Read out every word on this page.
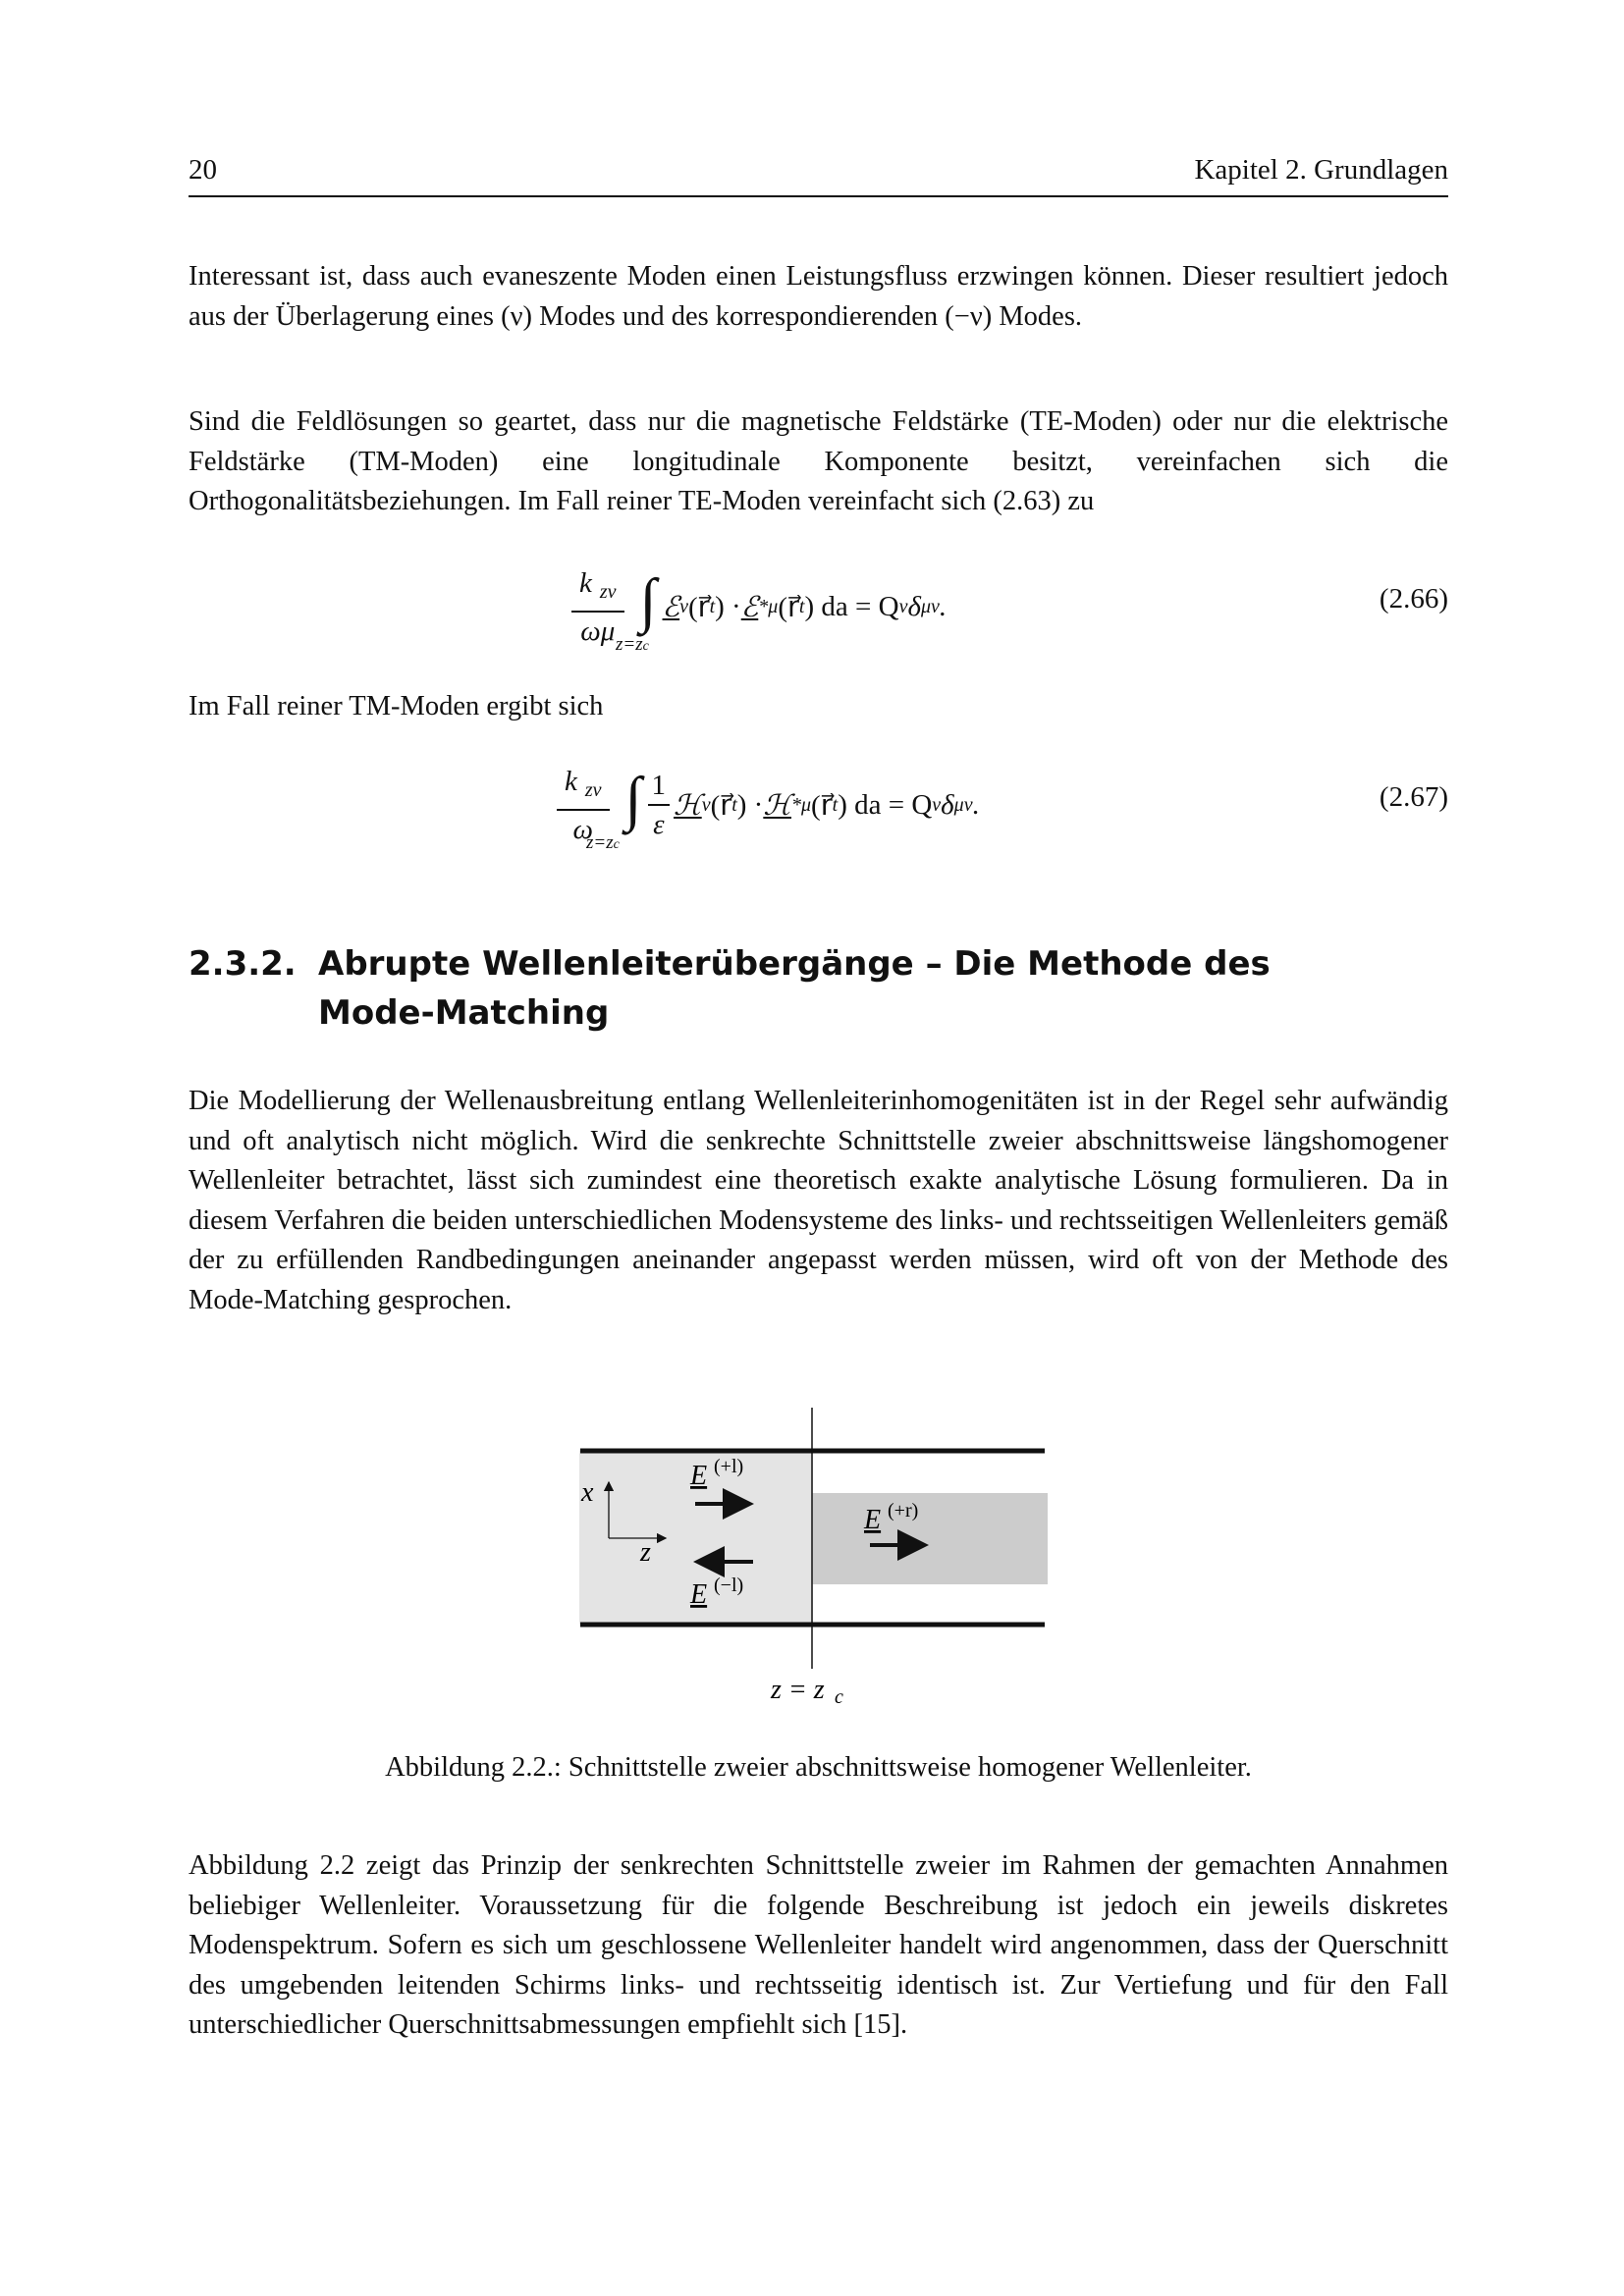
20	Kapitel 2. Grundlagen
Interessant ist, dass auch evaneszente Moden einen Leistungsfluss erzwingen können. Dieser resultiert jedoch aus der Überlagerung eines (ν) Modes und des korrespondierenden (−ν) Modes.
Sind die Feldlösungen so geartet, dass nur die magnetische Feldstärke (TE-Moden) oder nur die elektrische Feldstärke (TM-Moden) eine longitudinale Komponente besitzt, vereinfachen sich die Orthogonalitätsbeziehungen. Im Fall reiner TE-Moden vereinfacht sich (2.63) zu
$\frac{k _{z\nu}}{\omega\mu}$ ∫
z=zc
ℰ ν (r⃗ t ) · ℰ * μ (r⃗ t ) da = Q ν δ μν .	(2.66)
Im Fall reiner TM-Moden ergibt sich
$\frac{k _{z\nu}}{\omega}$ ∫
z=zc
$\frac{1}{\varepsilon}$ ℋ ν (r⃗ t ) · ℋ * μ (r⃗ t ) da = Q ν δ μν .	(2.67)
2.3.2. Abrupte Wellenleiterübergänge – Die Methode des Mode-Matching
Die Modellierung der Wellenausbreitung entlang Wellenleiterinhomogenitäten ist in der Regel sehr aufwändig und oft analytisch nicht möglich. Wird die senkrechte Schnittstelle zweier abschnittsweise längshomogener Wellenleiter betrachtet, lässt sich zumindest eine theoretisch exakte analytische Lösung formulieren. Da in diesem Verfahren die beiden unterschiedlichen Modensysteme des links- und rechtsseitigen Wellenleiters gemäß der zu erfüllenden Randbedingungen aneinander angepasst werden müssen, wird oft von der Methode des Mode-Matching gesprochen.
x
z
E (+l)
E (−l)
E (+r)
z = z c
Abbildung 2.2.: Schnittstelle zweier abschnittsweise homogener Wellenleiter.
Abbildung 2.2 zeigt das Prinzip der senkrechten Schnittstelle zweier im Rahmen der gemachten Annahmen beliebiger Wellenleiter. Voraussetzung für die folgende Beschreibung ist jedoch ein jeweils diskretes Modenspektrum. Sofern es sich um geschlossene Wellenleiter handelt wird angenommen, dass der Querschnitt des umgebenden leitenden Schirms links- und rechtsseitig identisch ist. Zur Vertiefung und für den Fall unterschiedlicher Querschnittsabmessungen empfiehlt sich [15].
